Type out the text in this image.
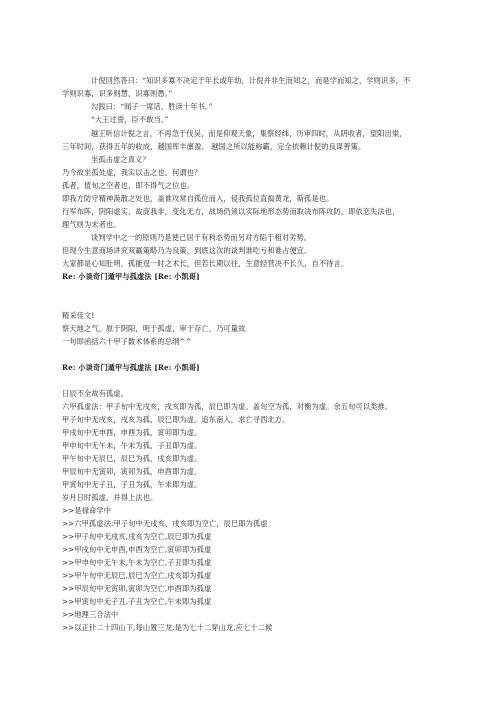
计倪回然答曰：“知识多寡不决定于年长或年幼，计倪并非生而知之，而是学而知之，学则识多，不
学则识寡，识多则慧，识寡则愚。”
勾践曰：“闻子一席话，胜读十年书。”
“大王过誉，臣不敢当。”
越王听信计倪之言，不再急于伐吴，而是仰观天象，集察经纬，历审四时，从阴收者，望阳出粜，
三年时间，获得五年的收成，越国库丰廪盈。 越国之所以能称霸，完全依赖计倪的良谋善策。
坐孤击虚之真义？
乃今故坐孤处虚，我实以击之也。何谓也？
孤者，值旬之空者也，即不得气之位也。
即我方防守精神涣散之处也，盖谁攻常自孤位而入，侵我孤位直捣黄龙，斯孤是也。
行军布阵，阴阳虚实，故庞我非，变化无方，战场仍须以实际地形态势而取决布阵攻防，即依恋失法也，
理气则为末者也。
谈判学中之一的原则乃是使己居于有利态势而另对方陷于相对劣势。
但现今生意商场讲究双赢策略乃为良策，到底这次的谈判谁吃亏和谁占便宜。
大家都是心知肚明，孤能逞一时之术长，但若长期以往，生意经营决不长久，自不待言。
Re: 小谈奇门遁甲与孤虚法 [Re: 小凯哥]
精采佳文!
察天地之气，原于阴阳，明于孤虚，审于存亡，乃可量故
一句即函括六十甲子数术体系的总纲^^
Re: 小谈奇门遁甲与孤虚法 [Re: 小凯哥]
日辰不全故有孤虚。
六甲孤虚法：甲子旬中无戌亥，戌亥即为孤，辰巳即为虚。盖旬空为孤，对衡为虚。余五旬可以类推。
甲子旬中无戌亥，戌亥为孤，辰巳即为虚。追东南入，求亡寻西北方。
甲戌旬中无申酉，申酉为孤，寅卯即为虚。
甲申旬中无午未，午未为孤，子丑即为虚。
甲午旬中无辰巳，辰巳为孤，戌亥即为虚。
甲辰旬中无寅卯，寅卯为孤，申酉即为虚。
甲寅旬中无子丑，子丑为孤，午未即为虚。
岁月日时孤虚，并得上法也。
>>是禄命学中
>>六甲孤虚法:甲子旬中无戌亥，戌亥即为空亡，辰巳即为孤虚
>>甲子旬中无戌亥,戌亥为空亡,辰巳即为孤虚
>>甲戌旬中无申酉,申酉为空亡,寅卯即为孤虚
>>甲申旬中无午未,午未为空亡,子丑即为孤虚
>>甲午旬中无辰巳,辰巳为空亡,戌亥即为孤虚
>>甲辰旬中无寅卯,寅卯为空亡,申酉即为孤虚
>>甲寅旬中无子丑,子丑为空亡,午未即为孤虚
>>地理三合法中
>>以正针二十四山下,每山置三龙,是为七十二穿山龙,应七十二候
